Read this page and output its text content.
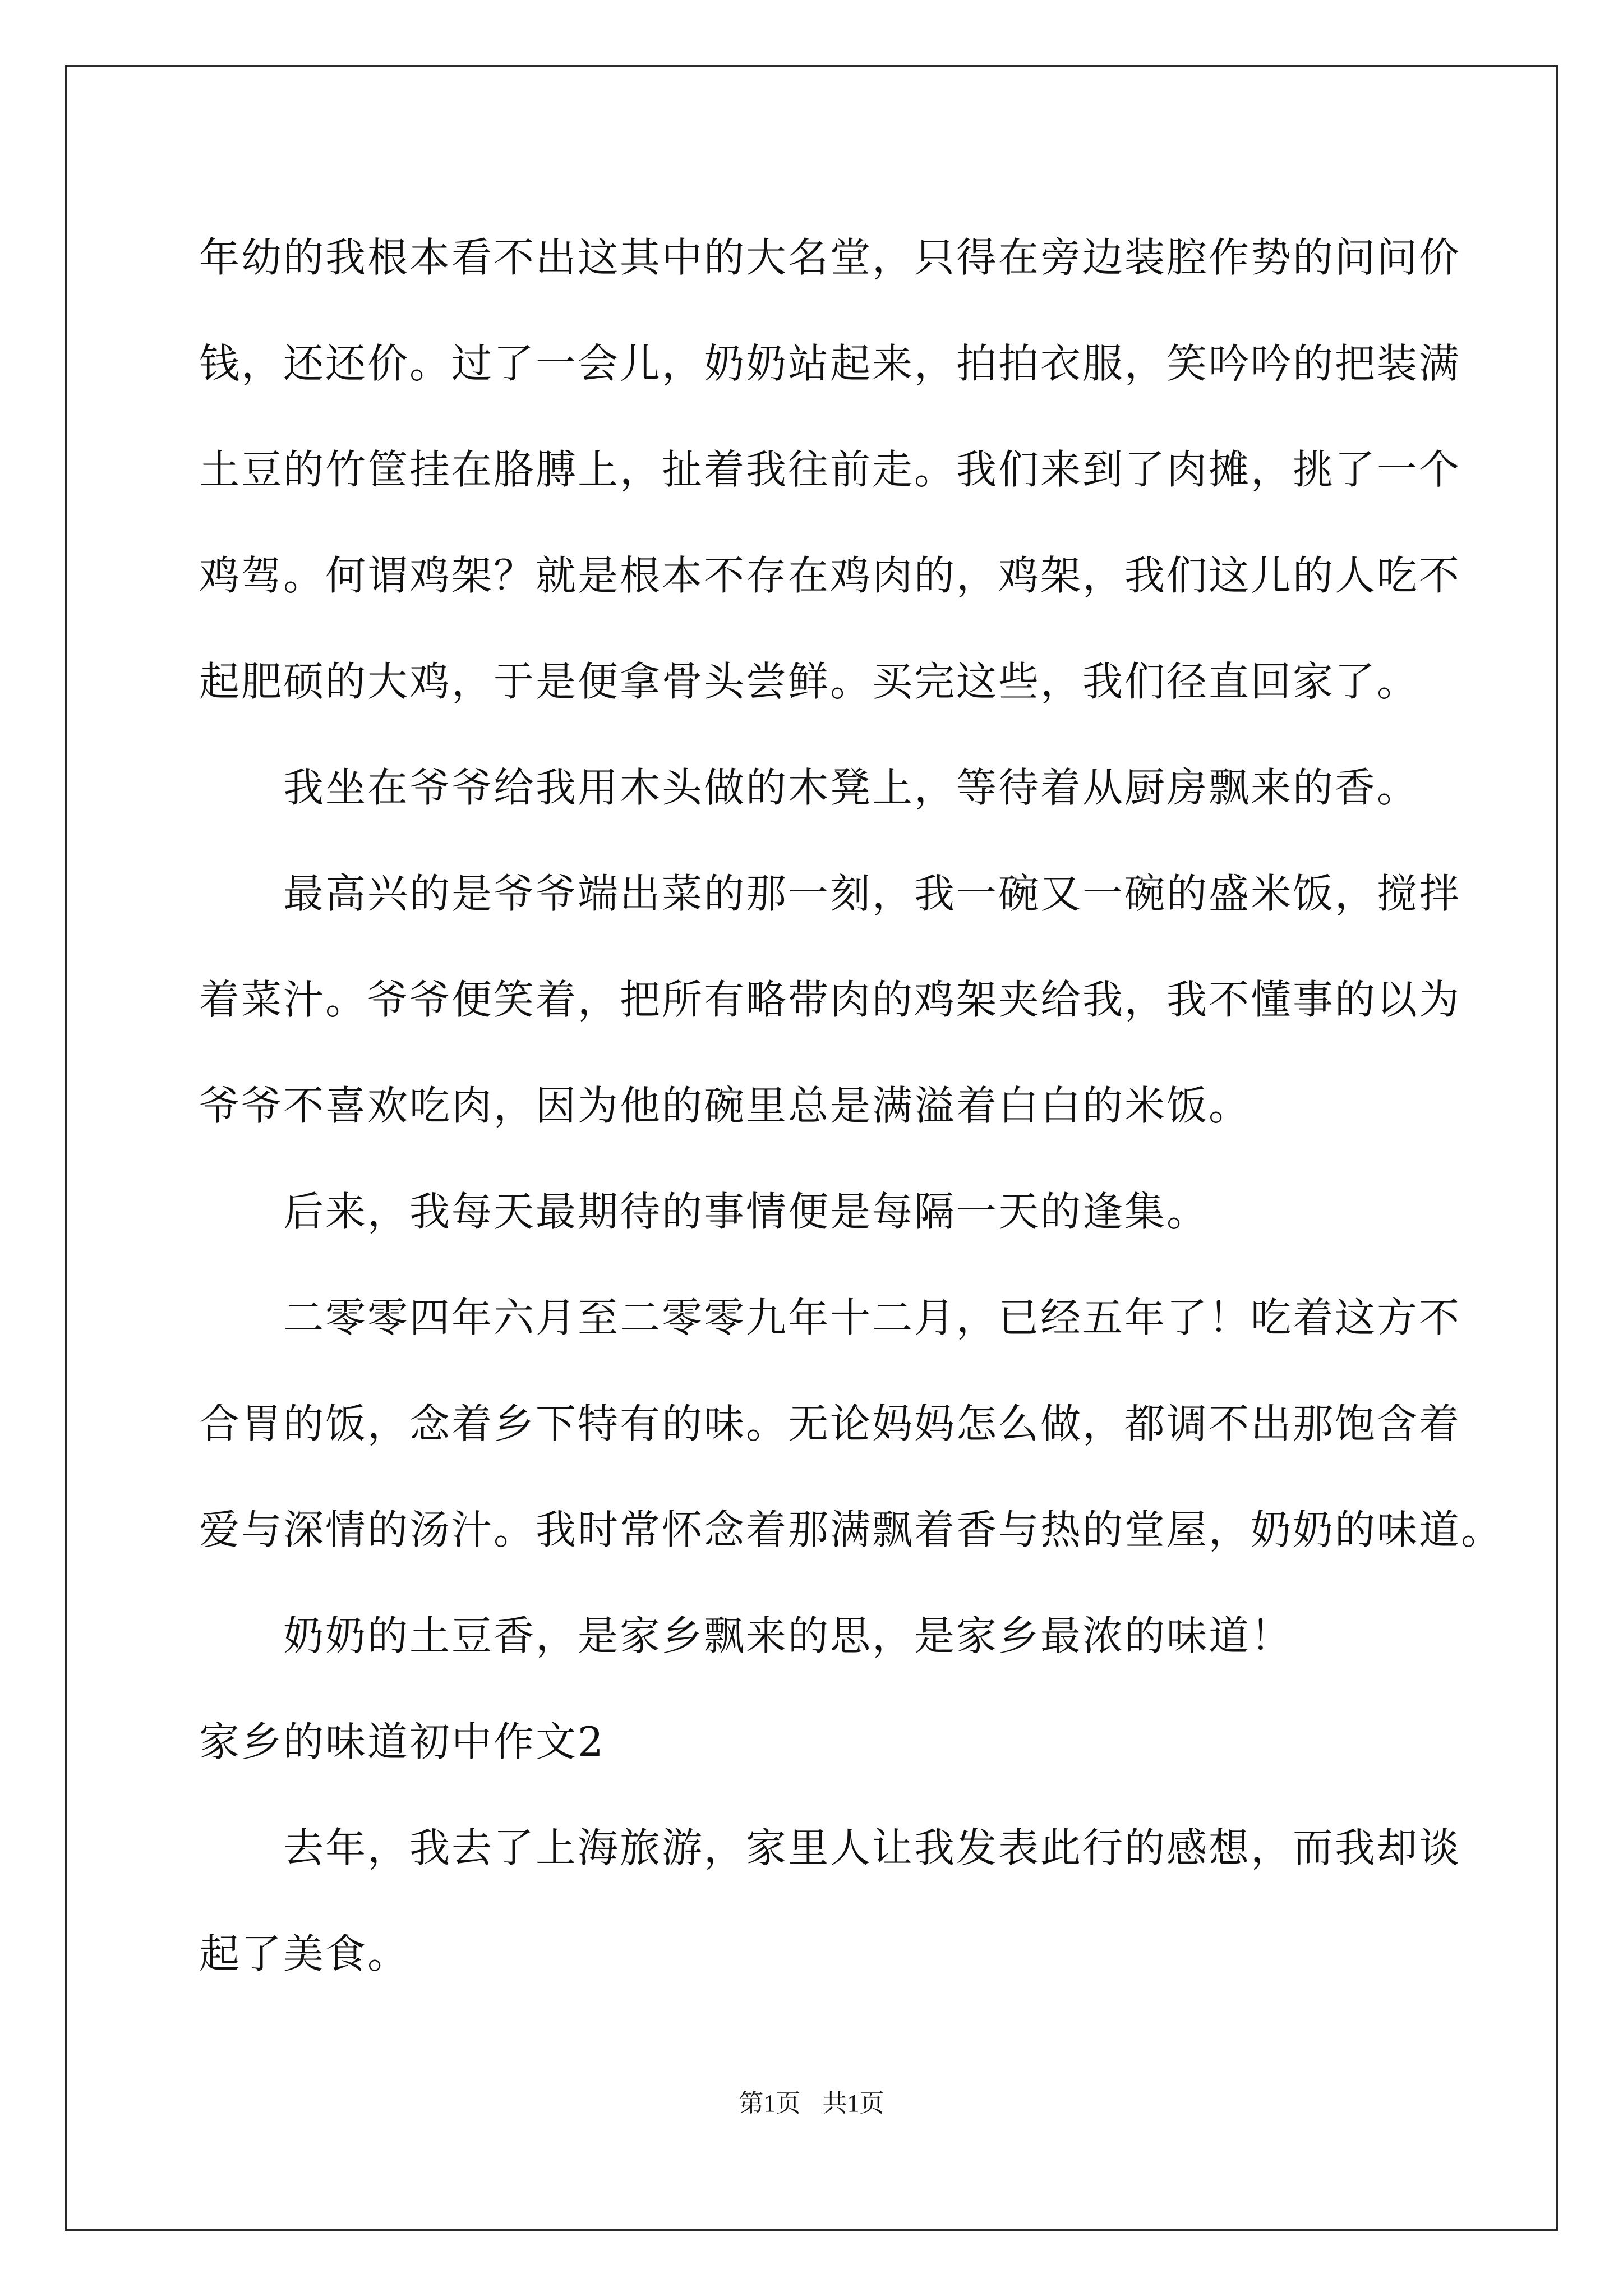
年幼的我根本看不出这其中的大名堂，只得在旁边装腔作势的问问价

钱，还还价。过了一会儿，奶奶站起来，拍拍衣服，笑吟吟的把装满

土豆的竹筐挂在胳膊上，扯着我往前走。我们来到了肉摊，挑了一个

鸡驾。何谓鸡架？就是根本不存在鸡肉的，鸡架，我们这儿的人吃不

起肥硕的大鸡，于是便拿骨头尝鲜。买完这些，我们径直回家了。

我坐在爷爷给我用木头做的木凳上，等待着从厨房飘来的香。

最高兴的是爷爷端出菜的那一刻，我一碗又一碗的盛米饭，搅拌

着菜汁。爷爷便笑着，把所有略带肉的鸡架夹给我，我不懂事的以为

爷爷不喜欢吃肉，因为他的碗里总是满溢着白白的米饭。

后来，我每天最期待的事情便是每隔一天的逢集。

二零零四年六月至二零零九年十二月，已经五年了！吃着这方不

合胃的饭，念着乡下特有的味。无论妈妈怎么做，都调不出那饱含着

爱与深情的汤汁。我时常怀念着那满飘着香与热的堂屋，奶奶的味道。

奶奶的土豆香，是家乡飘来的思，是家乡最浓的味道！

家乡的味道初中作文2

去年，我去了上海旅游，家里人让我发表此行的感想，而我却谈

起了美食。

第1页 共1页
